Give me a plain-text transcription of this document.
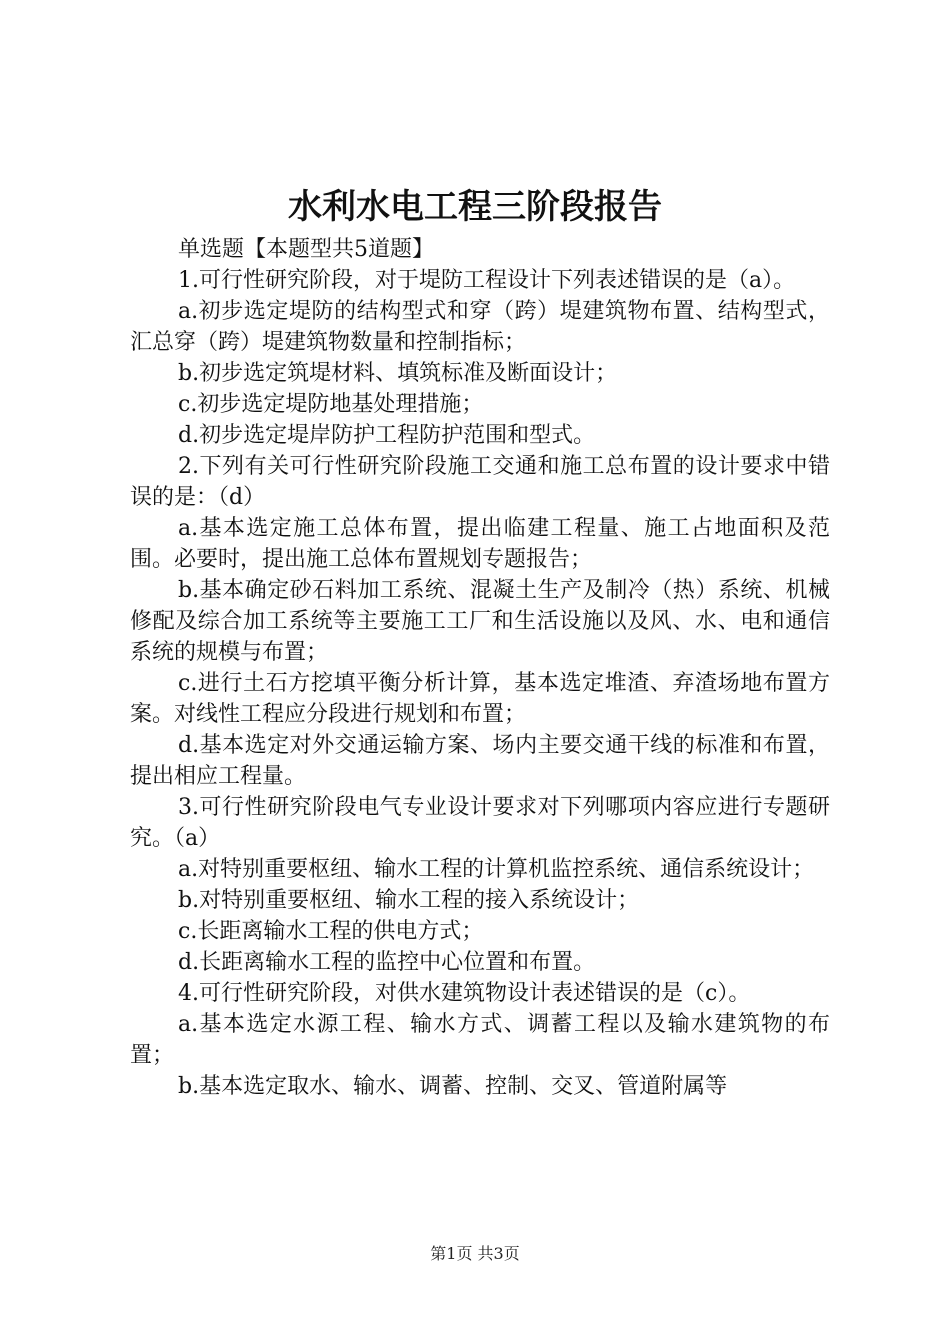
水利水电工程三阶段报告

单选题【本题型共5道题】

1.可行性研究阶段，对于堤防工程设计下列表述错误的是（a）。

a.初步选定堤防的结构型式和穿（跨）堤建筑物布置、结构型式，汇总穿（跨）堤建筑物数量和控制指标；

b.初步选定筑堤材料、填筑标准及断面设计；

c.初步选定堤防地基处理措施；

d.初步选定堤岸防护工程防护范围和型式。

2.下列有关可行性研究阶段施工交通和施工总布置的设计要求中错误的是：（d）

a.基本选定施工总体布置，提出临建工程量、施工占地面积及范围。必要时，提出施工总体布置规划专题报告；

b.基本确定砂石料加工系统、混凝土生产及制冷（热）系统、机械修配及综合加工系统等主要施工工厂和生活设施以及风、水、电和通信系统的规模与布置；

c.进行土石方挖填平衡分析计算，基本选定堆渣、弃渣场地布置方案。对线性工程应分段进行规划和布置；

d.基本选定对外交通运输方案、场内主要交通干线的标准和布置，提出相应工程量。

3.可行性研究阶段电气专业设计要求对下列哪项内容应进行专题研究。（a）

a.对特别重要枢纽、输水工程的计算机监控系统、通信系统设计；

b.对特别重要枢纽、输水工程的接入系统设计；

c.长距离输水工程的供电方式；

d.长距离输水工程的监控中心位置和布置。

4.可行性研究阶段，对供水建筑物设计表述错误的是（c）。

a.基本选定水源工程、输水方式、调蓄工程以及输水建筑物的布置；

b.基本选定取水、输水、调蓄、控制、交叉、管道附属等

第1页 共3页
